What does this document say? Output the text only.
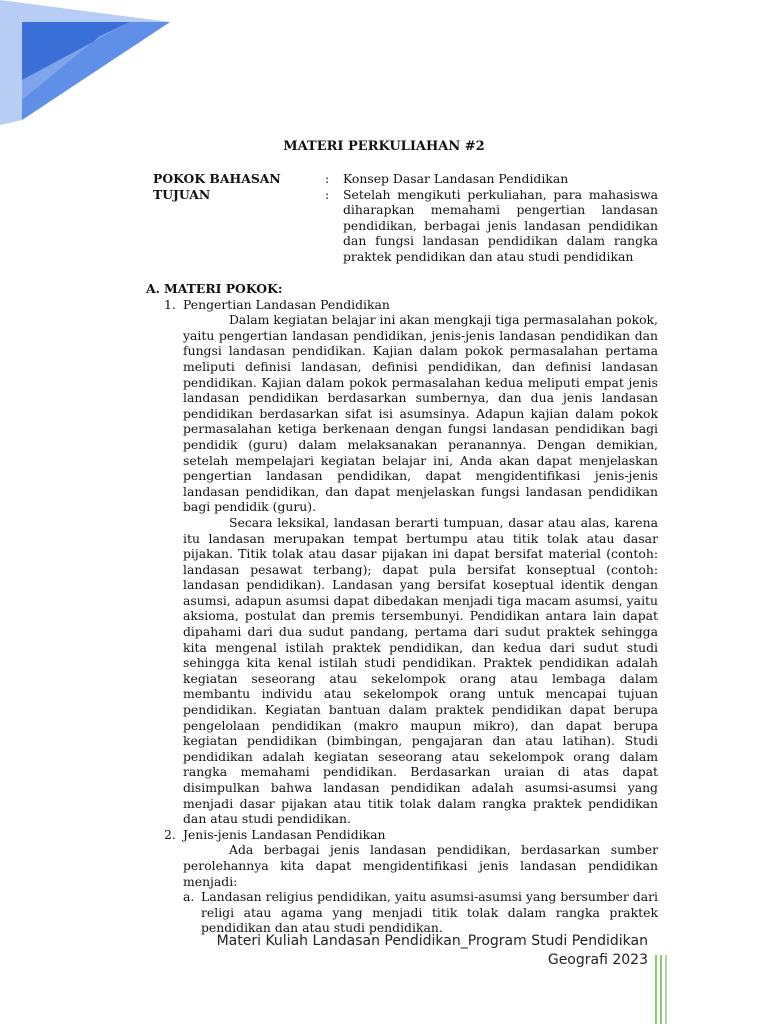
MATERI PERKULIAHAN #2
POKOK BAHASAN	:	Konsep Dasar Landasan Pendidikan
TUJUAN	:	Setelah mengikuti perkuliahan, para mahasiswa diharapkan memahami pengertian landasan pendidikan, berbagai jenis landasan pendidikan dan fungsi landasan pendidikan dalam rangka praktek pendidikan dan atau studi pendidikan
A. MATERI POKOK:
1. Pengertian Landasan Pendidikan

Dalam kegiatan belajar ini akan mengkaji tiga permasalahan pokok, yaitu pengertian landasan pendidikan, jenis-jenis landasan pendidikan dan fungsi landasan pendidikan. Kajian dalam pokok permasalahan pertama meliputi definisi landasan, definisi pendidikan, dan definisi landasan pendidikan. Kajian dalam pokok permasalahan kedua meliputi empat jenis landasan pendidikan berdasarkan sumbernya, dan dua jenis landasan pendidikan berdasarkan sifat isi asumsinya. Adapun kajian dalam pokok permasalahan ketiga berkenaan dengan fungsi landasan pendidikan bagi pendidik (guru) dalam melaksanakan peranannya. Dengan demikian, setelah mempelajari kegiatan belajar ini, Anda akan dapat menjelaskan pengertian landasan pendidikan, dapat mengidentifikasi jenis-jenis landasan pendidikan, dan dapat menjelaskan fungsi landasan pendidikan bagi pendidik (guru).

Secara leksikal, landasan berarti tumpuan, dasar atau alas, karena itu landasan merupakan tempat bertumpu atau titik tolak atau dasar pijakan. Titik tolak atau dasar pijakan ini dapat bersifat material (contoh: landasan pesawat terbang); dapat pula bersifat konseptual (contoh: landasan pendidikan). Landasan yang bersifat koseptual identik dengan asumsi, adapun asumsi dapat dibedakan menjadi tiga macam asumsi, yaitu aksioma, postulat dan premis tersembunyi. Pendidikan antara lain dapat dipahami dari dua sudut pandang, pertama dari sudut praktek sehingga kita mengenal istilah praktek pendidikan, dan kedua dari sudut studi sehingga kita kenal istilah studi pendidikan. Praktek pendidikan adalah kegiatan seseorang atau sekelompok orang atau lembaga dalam membantu individu atau sekelompok orang untuk mencapai tujuan pendidikan. Kegiatan bantuan dalam praktek pendidikan dapat berupa pengelolaan pendidikan (makro maupun mikro), dan dapat berupa kegiatan pendidikan (bimbingan, pengajaran dan atau latihan). Studi pendidikan adalah kegiatan seseorang atau sekelompok orang dalam rangka memahami pendidikan. Berdasarkan uraian di atas dapat disimpulkan bahwa landasan pendidikan adalah asumsi-asumsi yang menjadi dasar pijakan atau titik tolak dalam rangka praktek pendidikan dan atau studi pendidikan.

2. Jenis-jenis Landasan Pendidikan

Ada berbagai jenis landasan pendidikan, berdasarkan sumber perolehannya kita dapat mengidentifikasi jenis landasan pendidikan menjadi:

a. Landasan religius pendidikan, yaitu asumsi-asumsi yang bersumber dari religi atau agama yang menjadi titik tolak dalam rangka praktek pendidikan dan atau studi pendidikan.
Materi Kuliah Landasan Pendidikan_Program Studi Pendidikan
Geografi 2023
